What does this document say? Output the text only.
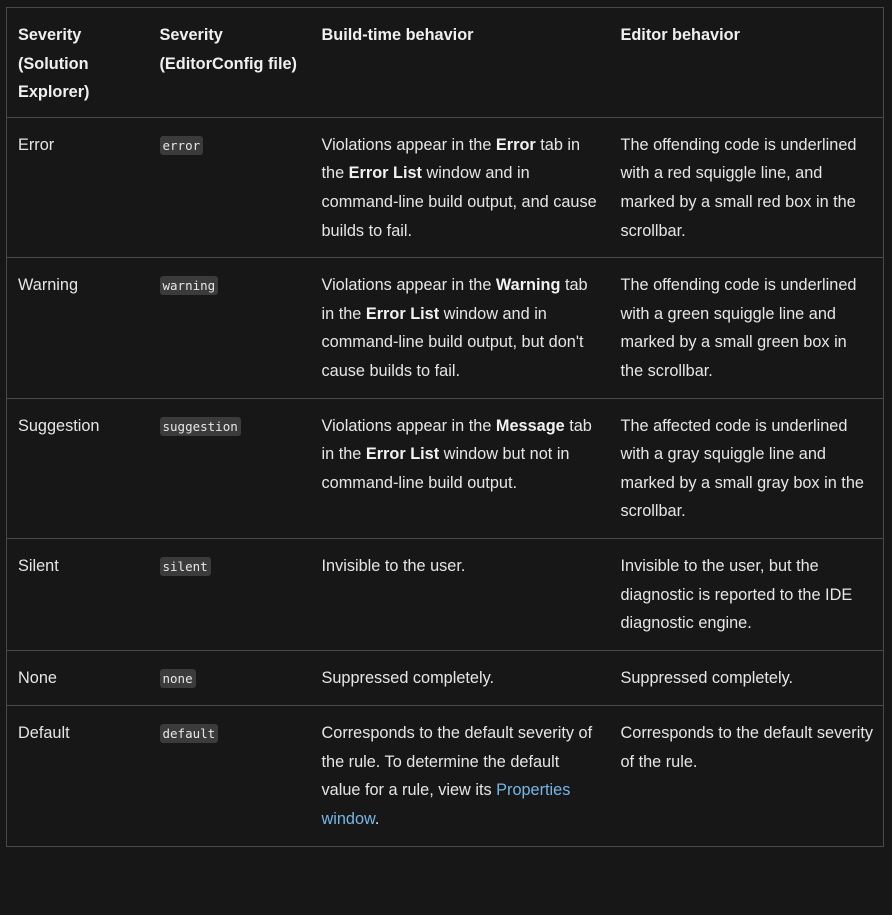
Severity (Solution Explorer)	Severity (EditorConfig file)	Build-time behavior	Editor behavior
Error	error	Violations appear in the Error tab in the Error List window and in command-line build output, and cause builds to fail.	The offending code is underlined with a red squiggle line, and marked by a small red box in the scrollbar.
Warning	warning	Violations appear in the Warning tab in the Error List window and in command-line build output, but don't cause builds to fail.	The offending code is underlined with a green squiggle line and marked by a small green box in the scrollbar.
Suggestion	suggestion	Violations appear in the Message tab in the Error List window but not in command-line build output.	The affected code is underlined with a gray squiggle line and marked by a small gray box in the scrollbar.
Silent	silent	Invisible to the user.	Invisible to the user, but the diagnostic is reported to the IDE diagnostic engine.
None	none	Suppressed completely.	Suppressed completely.
Default	default	Corresponds to the default severity of the rule. To determine the default value for a rule, view its Properties window.	Corresponds to the default severity of the rule.
